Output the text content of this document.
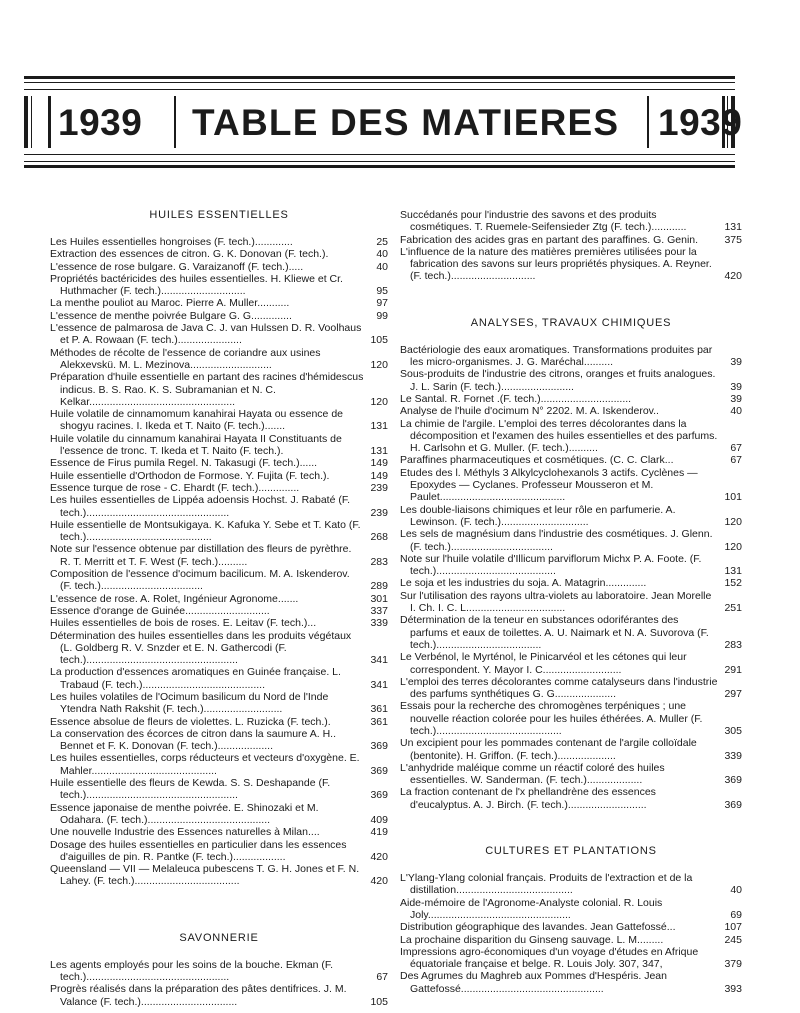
1939 TABLE DES MATIERES 1939
HUILES ESSENTIELLES

Les Huiles essentielles hongroises (F. tech.).............	25

Extraction des essences de citron. G. K. Donovan (F. tech.).	40

L'essence de rose bulgare. G. Varaizanoff (F. tech.).....	40

Propriétés bactéricides des huiles essentielles. H. Kliewe et Cr. Huthmacher (F. tech.).............................	95

La menthe pouliot au Maroc. Pierre A. Muller...........	97

L'essence de menthe poivrée Bulgare G. G..............	99

L'essence de palmarosa de Java C. J. van Hulssen D. R. Voolhaus et P. A. Rowaan (F. tech.)......................	105

Méthodes de récolte de l'essence de coriandre aux usines Alekxevskü. M. L. Mezinova............................	120

Préparation d'huile essentielle en partant des racines d'hémidescus indicus. B. S. Rao. K. S. Subramanian et N. C. Kelkar..................................................	120

Huile volatile de cinnamomum kanahirai Hayata ou essence de shogyu racines. I. Ikeda et T. Naito (F. tech.).......	131

Huile volatile du cinnamum kanahirai Hayata II Constituants de l'essence de tronc. T. Ikeda et T. Naito (F. tech.).	131

Essence de Firus pumila Regel. N. Takasugi (F. tech.)......	149

Huile essentielle d'Orthodon de Formose. Y. Fujita (F. tech.).	149

Essence turque de rose - C. Ehardt (F. tech.)..............	239

Les huiles essentielles de Lippéa adoensis Hochst. J. Rabaté (F. tech.).................................................	239

Huile essentielle de Montsukigaya. K. Kafuka Y. Sebe et T. Kato (F. tech.)...........................................	268

Note sur l'essence obtenue par distillation des fleurs de pyrèthre. R. T. Merritt et T. F. West (F. tech.)..........	283

Composition de l'essence d'ocimum bacilicum. M. A. Iskenderov. (F. tech.)...................................	289

L'essence de rose. A. Rolet, Ingénieur Agronome.......	301

Essence d'orange de Guinée.............................	337

Huiles essentielles de bois de roses. E. Leitav (F. tech.)...	339

Détermination des huiles essentielles dans les produits végétaux (L. Goldberg R. V. Snzder et E. N. Gathercodi (F. tech.)....................................................	341

La production d'essences aromatiques en Guinée française. L. Trabaud (F. tech.)..........................................	341

Les huiles volatiles de l'Ocimum basilicum du Nord de l'Inde Ytendra Nath Rakshit (F. tech.)...........................	361

Essence absolue de fleurs de violettes. L. Ruzicka (F. tech.).	361

La conservation des écorces de citron dans la saumure A. H.. Bennet et F. K. Donovan (F. tech.)...................	369

Les huiles essentielles, corps réducteurs et vecteurs d'oxygène. E. Mahler...........................................	369

Huile essentielle des fleurs de Kewda. S. S. Deshapande (F. tech.)....................................................	369

Essence japonaise de menthe poivrée. E. Shinozaki et M. Odahara. (F. tech.)..........................................	409

Une nouvelle Industrie des Essences naturelles à Milan....	419

Dosage des huiles essentielles en particulier dans les essences d'aiguilles de pin. R. Pantke (F. tech.)..................	420

Queensland — VII — Melaleuca pubescens T. G. H. Jones et F. N. Lahey. (F. tech.)....................................	420

SAVONNERIE

Les agents employés pour les soins de la bouche. Ekman (F. tech.).................................................	67

Progrès réalisés dans la préparation des pâtes dentifrices. J. M. Valance (F. tech.).................................	105

Succédanés pour l'industrie des savons et des produits cosmétiques. T. Ruemele-Seifensieder Ztg (F. tech.)............	131

Fabrication des acides gras en partant des paraffines. G. Genin.	375

L'influence de la nature des matières premières utilisées pour la fabrication des savons sur leurs propriétés physiques. A. Reyner. (F. tech.).............................	420

ANALYSES, TRAVAUX CHIMIQUES

Bactériologie des eaux aromatiques. Transformations produites par les micro-organismes. J. G. Maréchal..........	39

Sous-produits de l'industrie des citrons, oranges et fruits analogues. J. L. Sarin (F. tech.).........................	39

Le Santal. R. Fornet .(F. tech.)...............................	39

Analyse de l'huile d'ocimum N° 2202. M. A. Iskenderov..	40

La chimie de l'argile. L'emploi des terres décolorantes dans la décomposition et l'examen des huiles essentielles et des parfums. H. Carlsohn et G. Muller. (F. tech.)..........	67

Paraffines pharmaceutiques et cosmétiques. (C. C. Clark...	67

Etudes des l. Méthyls 3 Alkylcyclohexanols 3 actifs. Cyclènes — Epoxydes — Cyclanes. Professeur Mousseron et M. Paulet...........................................	101

Les double-liaisons chimiques et leur rôle en parfumerie. A. Lewinson. (F. tech.)..............................	120

Les sels de magnésium dans l'industrie des cosmétiques. J. Glenn. (F. tech.)...................................	120

Note sur l'huile volatile d'Illicum parviflorum Michx P. A. Foote. (F. tech.).........................................	131

Le soja et les industries du soja. A. Matagrin..............	152

Sur l'utilisation des rayons ultra-violets au laboratoire. Jean Morelle I. Ch. I. C. L..................................	251

Détermination de la teneur en substances odoriférantes des parfums et eaux de toilettes. A. U. Naimark et N. A. Suvorova (F. tech.)....................................	283

Le Verbénol, le Myrténol, le Pinicarvéol et les cétones qui leur correspondent. Y. Mayor I. C...........................	291

L'emploi des terres décolorantes comme catalyseurs dans l'industrie des parfums synthétiques G. G.....................	297

Essais pour la recherche des chromogènes terpéniques ; une nouvelle réaction colorée pour les huiles éthérées. A. Muller (F. tech.)...........................................	305

Un excipient pour les pommades contenant de l'argile colloïdale (bentonite). H. Griffon. (F. tech.)....................	339

L'anhydride maléique comme un réactif coloré des huiles essentielles. W. Sanderman. (F. tech.)...................	369

La fraction contenant de l'x phellandrène des essences d'eucalyptus. A. J. Birch. (F. tech.)...........................	369

CULTURES ET PLANTATIONS

L'Ylang-Ylang colonial français. Produits de l'extraction et de la distillation........................................	40

Aide-mémoire de l'Agronome-Analyste colonial. R. Louis Joly.................................................	69

Distribution géographique des lavandes. Jean Gattefossé...	107

La prochaine disparition du Ginseng sauvage. L. M.........	245

Impressions agro-économiques d'un voyage d'études en Afrique équatoriale française et belge. R. Louis Joly. 307, 347,	379

Des Agrumes du Maghreb aux Pommes d'Hespéris. Jean Gattefossé.................................................	393
